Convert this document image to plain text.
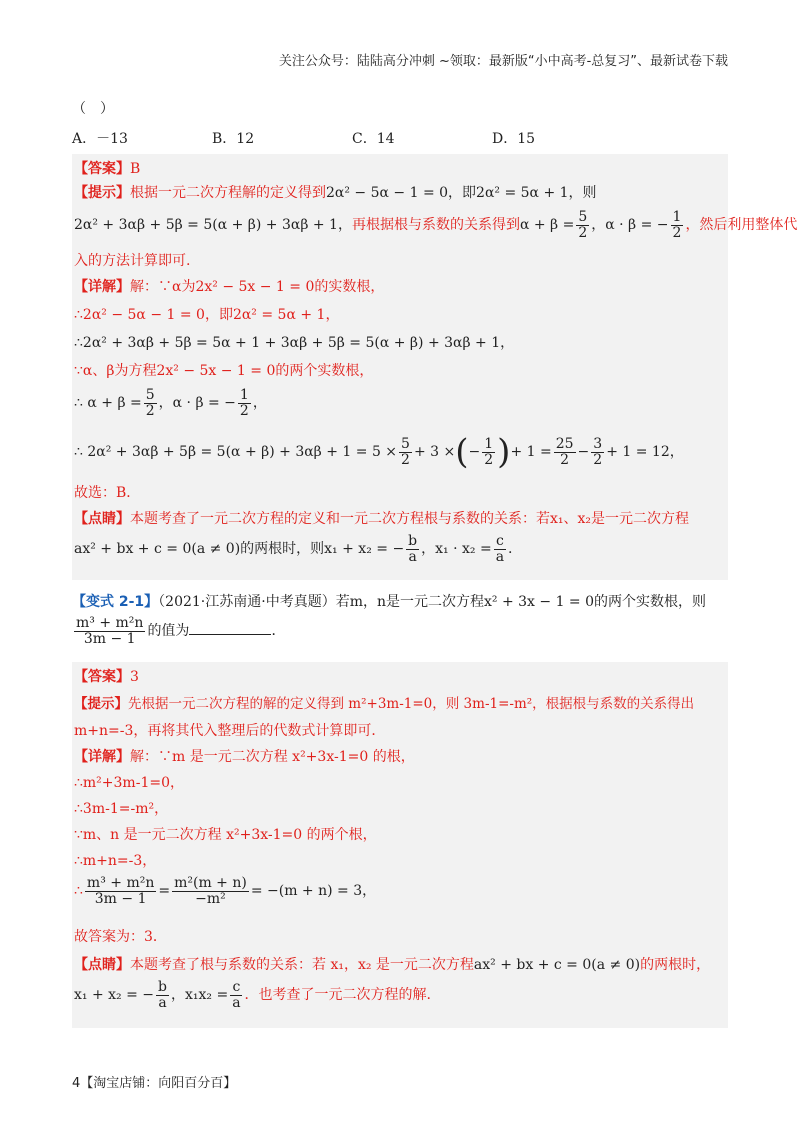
关注公众号：陆陆高分冲刺 ~领取：最新版“小中高考-总复习”、最新试卷下载
（　）
A．－13	B．12	C．14	D．15
【答案】B
【提示】根据一元二次方程解的定义得到2α² − 5α − 1 = 0，即2α² = 5α + 1，则
2α² + 3αβ + 5β = 5(α + β) + 3αβ + 1，再根据根与系数的关系得到$\alpha + \beta = \frac{5}{2}$ ，α · β = − $\frac{1}{2}$ ，然后利用整体代
入的方法计算即可.
【详解】解：∵α为2x² − 5x − 1 = 0的实数根，
∴2α² − 5α − 1 = 0，即2α² = 5α + 1，
∴2α² + 3αβ + 5β = 5α + 1 + 3αβ + 5β = 5(α + β) + 3αβ + 1，
∵α、β为方程2x² − 5x − 1 = 0的两个实数根，
∴ $\alpha + \beta = \frac{5}{2}$ ，α · β = − $\frac{1}{2}$ ，
∴ $2\alpha^2 + 3\alpha\beta + 5\beta = 5(\alpha + \beta) + 3\alpha\beta + 1 = 5 \times \frac{5}{2} + 3$ ×(− $\frac{1}{2}$ )+ $1 = \frac{25}{2} - \frac{3}{2} + 1 = 12$，
故选：B．
【点睛】本题考查了一元二次方程的定义和一元二次方程根与系数的关系：若x₁、x₂是一元二次方程
ax² + bx + c = 0(a ≠ 0)的两根时，则x₁ + x₂ = − $\frac{b}{a}$ ，$x_1 \cdot x_2 = \frac{c}{a}$ .
【变式 2-1】（2021·江苏南通·中考真题）若m，n是一元二次方程x² + 3x − 1 = 0的两个实数根，则
$\frac{\text{m³ + m²n}}{3m - 1}$ 的值为	．
【答案】3
【提示】先根据一元二次方程的解的定义得到 m²+3m-1=0，则 3m-1=-m²，根据根与系数的关系得出
m+n=-3，再将其代入整理后的代数式计算即可．
【详解】解：∵m 是一元二次方程 x²+3x-1=0 的根，
∴m²+3m-1=0，
∴3m-1=-m²，
∵m、n 是一元二次方程 x²+3x-1=0 的两个根，
∴m+n=-3，
∴ $\frac{\text{m³ + m²n}}{3m - 1} = \frac{\text{m²(m + n)}}{\text{−m²}} = -(m + n) = 3$，
故答案为：3．
【点睛】本题考查了根与系数的关系：若 x₁，x₂ 是一元二次方程ax² + bx + c = 0(a ≠ 0)的两根时，
x₁ + x₂ = − $\frac{b}{a}$ ，$x_1x_2 = \frac{c}{a}$ ．也考查了一元二次方程的解.
4【淘宝店铺：向阳百分百】
